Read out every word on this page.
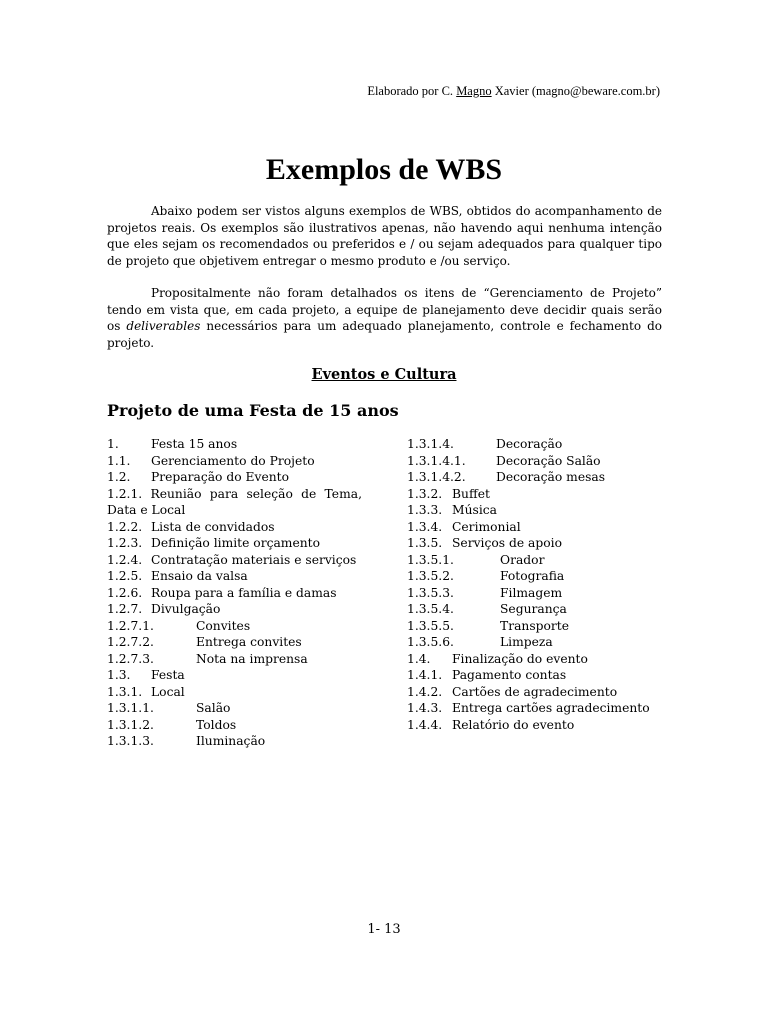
Elaborado por C. Magno Xavier (magno@beware.com.br)
Exemplos de WBS
Abaixo podem ser vistos alguns exemplos de WBS, obtidos do acompanhamento de projetos reais. Os exemplos são ilustrativos apenas, não havendo aqui nenhuma intenção que eles sejam os recomendados ou preferidos e / ou sejam adequados para qualquer tipo de projeto que objetivem entregar o mesmo produto e /ou serviço.
Propositalmente não foram detalhados os itens de “Gerenciamento de Projeto” tendo em vista que, em cada projeto, a equipe de planejamento deve decidir quais serão os deliverables necessários para um adequado planejamento, controle e fechamento do projeto.
Eventos e Cultura
Projeto de uma Festa de 15 anos
1.	Festa 15 anos
1.1. Gerenciamento do Projeto
1.2. Preparação do Evento
1.2.1. Reunião para seleção de Tema, Data e Local
1.2.2. Lista de convidados
1.2.3. Definição limite orçamento
1.2.4. Contratação materiais e serviços
1.2.5. Ensaio da valsa
1.2.6. Roupa para a família e damas
1.2.7. Divulgação
1.2.7.1.	Convites
1.2.7.2.	Entrega convites
1.2.7.3.	Nota na imprensa
1.3. Festa
1.3.1. Local
1.3.1.1.	Salão
1.3.1.2.	Toldos
1.3.1.3.	Iluminação
1.3.1.4.	Decoração
1.3.1.4.1. Decoração Salão
1.3.1.4.2. Decoração mesas
1.3.2. Buffet
1.3.3. Música
1.3.4. Cerimonial
1.3.5. Serviços de apoio
1.3.5.1.	Orador
1.3.5.2.	Fotografia
1.3.5.3.	Filmagem
1.3.5.4.	Segurança
1.3.5.5.	Transporte
1.3.5.6.	Limpeza
1.4. Finalização do evento
1.4.1. Pagamento contas
1.4.2. Cartões de agradecimento
1.4.3. Entrega cartões agradecimento
1.4.4. Relatório do evento
1- 13
